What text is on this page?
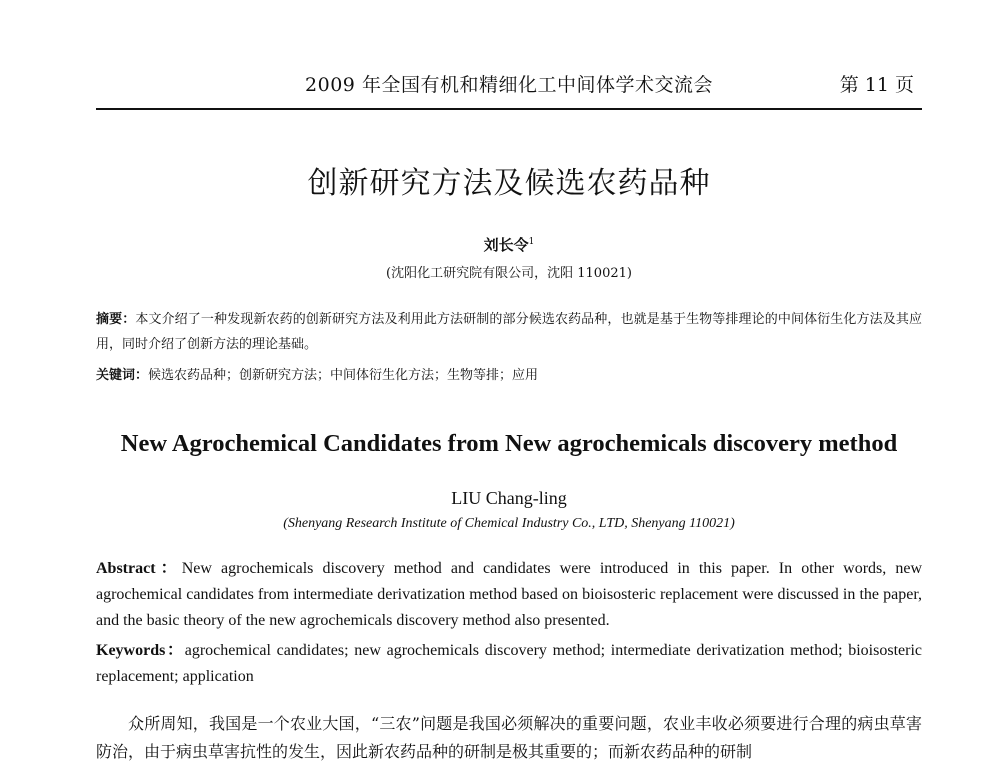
2009 年全国有机和精细化工中间体学术交流会	第 11 页
创新研究方法及候选农药品种
刘长令$^1$
(沈阳化工研究院有限公司，沈阳 110021)
摘要：本文介绍了一种发现新农药的创新研究方法及利用此方法研制的部分候选农药品种，也就是基于生物等排理论的中间体衍生化方法及其应用，同时介绍了创新方法的理论基础。
关键词：候选农药品种；创新研究方法；中间体衍生化方法；生物等排；应用
New Agrochemical Candidates from New agrochemicals discovery method
LIU Chang-ling
(Shenyang Research Institute of Chemical Industry Co., LTD, Shenyang 110021)
Abstract：New agrochemicals discovery method and candidates were introduced in this paper. In other words, new agrochemical candidates from intermediate derivatization method based on bioisosteric replacement were discussed in the paper, and the basic theory of the new agrochemicals discovery method also presented.
Keywords：agrochemical candidates; new agrochemicals discovery method; intermediate derivatization method; bioisosteric replacement; application
众所周知，我国是一个农业大国，“三农”问题是我国必须解决的重要问题，农业丰收必须要进行合理的病虫草害防治，由于病虫草害抗性的发生，因此新农药品种的研制是极其重要的；而新农药品种的研制
